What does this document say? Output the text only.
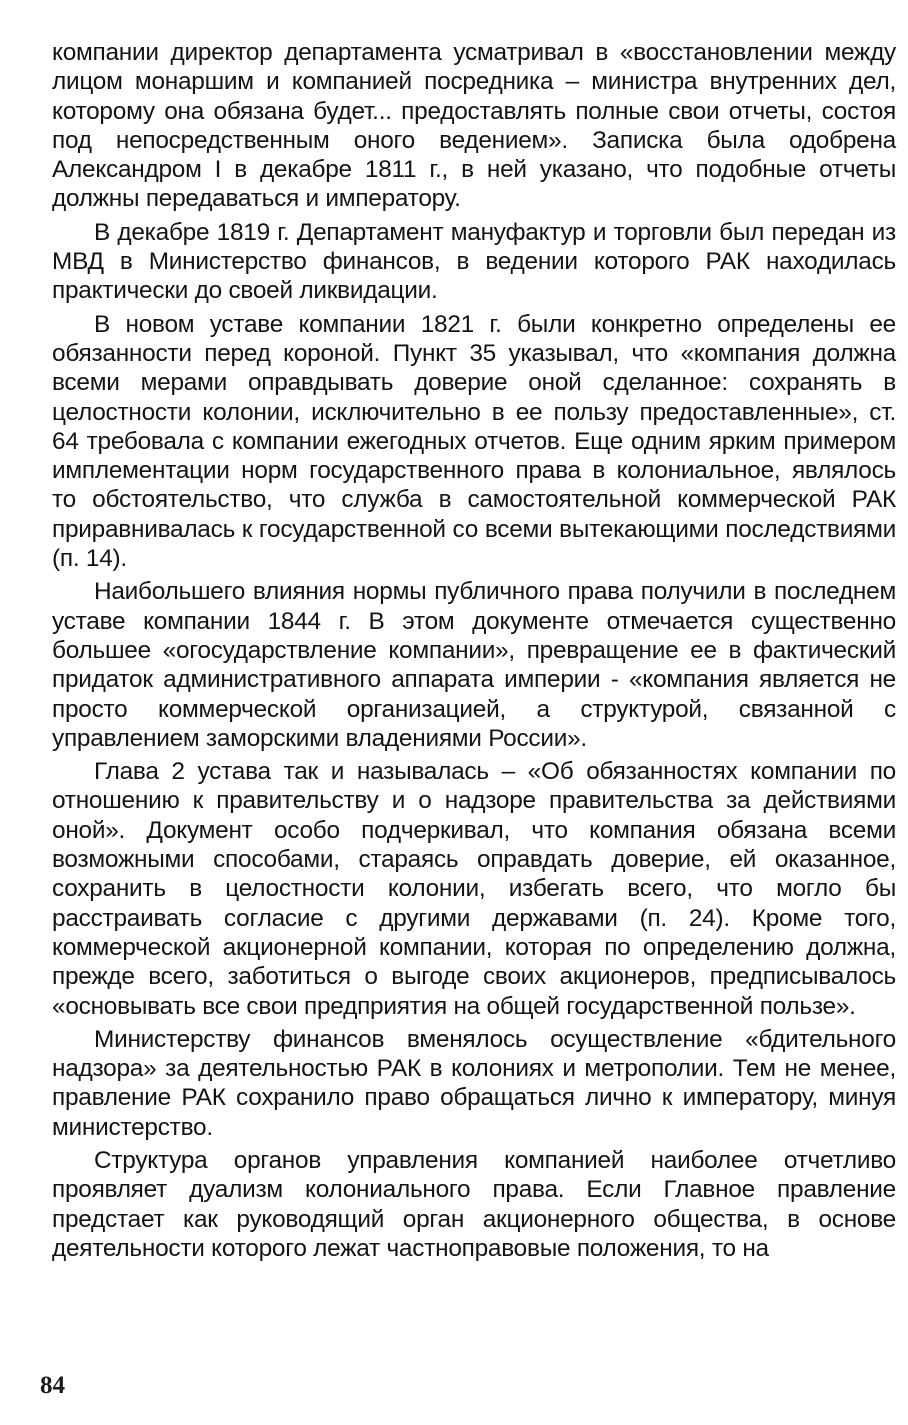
компании директор департамента усматривал в «восстановлении между лицом монаршим и компанией посредника – министра внутренних дел, которому она обязана будет... предоставлять полные свои отчеты, состоя под непосредственным оного ведением». Записка была одобрена Александром I в декабре 1811 г., в ней указано, что подобные отчеты должны передаваться и императору.

В декабре 1819 г. Департамент мануфактур и торговли был передан из МВД в Министерство финансов, в ведении которого РАК находилась практически до своей ликвидации.

В новом уставе компании 1821 г. были конкретно определены ее обязанности перед короной. Пункт 35 указывал, что «компания должна всеми мерами оправдывать доверие оной сделанное: сохранять в целостности колонии, исключительно в ее пользу предоставленные», ст. 64 требовала с компании ежегодных отчетов. Еще одним ярким примером имплементации норм государственного права в колониальное, являлось то обстоятельство, что служба в самостоятельной коммерческой РАК приравнивалась к государственной со всеми вытекающими последствиями (п. 14).

Наибольшего влияния нормы публичного права получили в последнем уставе компании 1844 г. В этом документе отмечается существенно большее «огосударствление компании», превращение ее в фактический придаток административного аппарата империи - «компания является не просто коммерческой организацией, а структурой, связанной с управлением заморскими владениями России».

Глава 2 устава так и называлась – «Об обязанностях компании по отношению к правительству и о надзоре правительства за действиями оной». Документ особо подчеркивал, что компания обязана всеми возможными способами, стараясь оправдать доверие, ей оказанное, сохранить в целостности колонии, избегать всего, что могло бы расстраивать согласие с другими державами (п. 24). Кроме того, коммерческой акционерной компании, которая по определению должна, прежде всего, заботиться о выгоде своих акционеров, предписывалось «основывать все свои предприятия на общей государственной пользе».

Министерству финансов вменялось осуществление «бдительного надзора» за деятельностью РАК в колониях и метрополии. Тем не менее, правление РАК сохранило право обращаться лично к императору, минуя министерство.

Структура органов управления компанией наиболее отчетливо проявляет дуализм колониального права. Если Главное правление предстает как руководящий орган акционерного общества, в основе деятельности которого лежат частноправовые положения, то на

84
